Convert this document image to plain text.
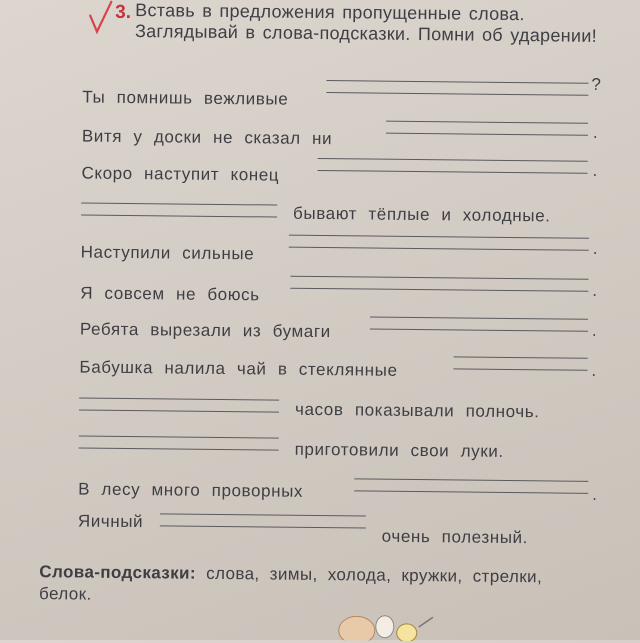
3. Вставь в предложения пропущенные слова. Заглядывай в слова-подсказки. Помни об ударении!

Ты помнишь вежливые
?
Витя у доски не сказал ни	.
Скоро наступит конец	.
бывают тёплые и холодные.
Наступили сильные	.
Я совсем не боюсь	.
Ребята вырезали из бумаги	.
Бабушка налила чай в стеклянные	.
часов показывали полночь.
приготовили свои луки.
В лесу много проворных	.
Яичный
очень полезный.
Слова-подсказки: слова, зимы, холода, кружки, стрелки, белок.
